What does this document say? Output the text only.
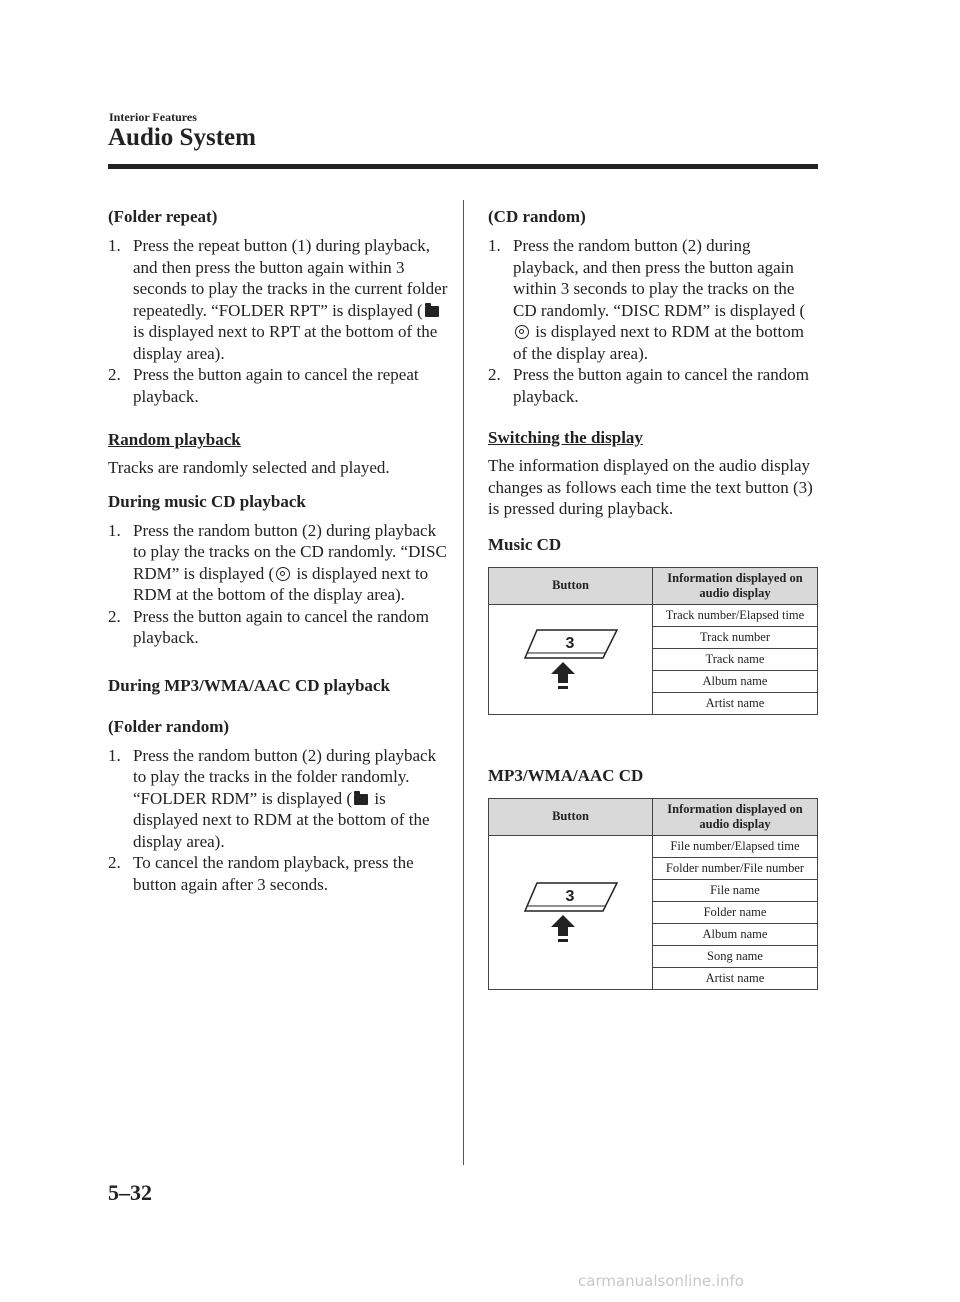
Interior Features
Audio System
(Folder repeat)
1. Press the repeat button (1) during playback, and then press the button again within 3 seconds to play the tracks in the current folder repeatedly. “FOLDER RPT” is displayed ( is displayed next to RPT at the bottom of the display area).
2. Press the button again to cancel the repeat playback.
Random playback

Tracks are randomly selected and played.

During music CD playback
1. Press the random button (2) during playback to play the tracks on the CD randomly. “DISC RDM” is displayed ( is displayed next to RDM at the bottom of the display area).
2. Press the button again to cancel the random playback.
During MP3/WMA/AAC CD playback
(Folder random)
1. Press the random button (2) during playback to play the tracks in the folder randomly. “FOLDER RDM” is displayed ( is displayed next to RDM at the bottom of the display area).
2. To cancel the random playback, press the button again after 3 seconds.
(CD random)
1. Press the random button (2) during playback, and then press the button again within 3 seconds to play the tracks on the CD randomly. “DISC RDM” is displayed ( is displayed next to RDM at the bottom of the display area).
2. Press the button again to cancel the random playback.
Switching the display

The information displayed on the audio display changes as follows each time the text button (3) is pressed during playback.

Music CD
Button	Information displayed on audio display

3	Track number/Elapsed time
	Track number
	Track name
	Album name
	Artist name
MP3/WMA/AAC CD
Button	Information displayed on audio display

3	File number/Elapsed time
	Folder number/File number
	File name
	Folder name
	Album name
	Song name
	Artist name
5–32
carmanualsonline.info
